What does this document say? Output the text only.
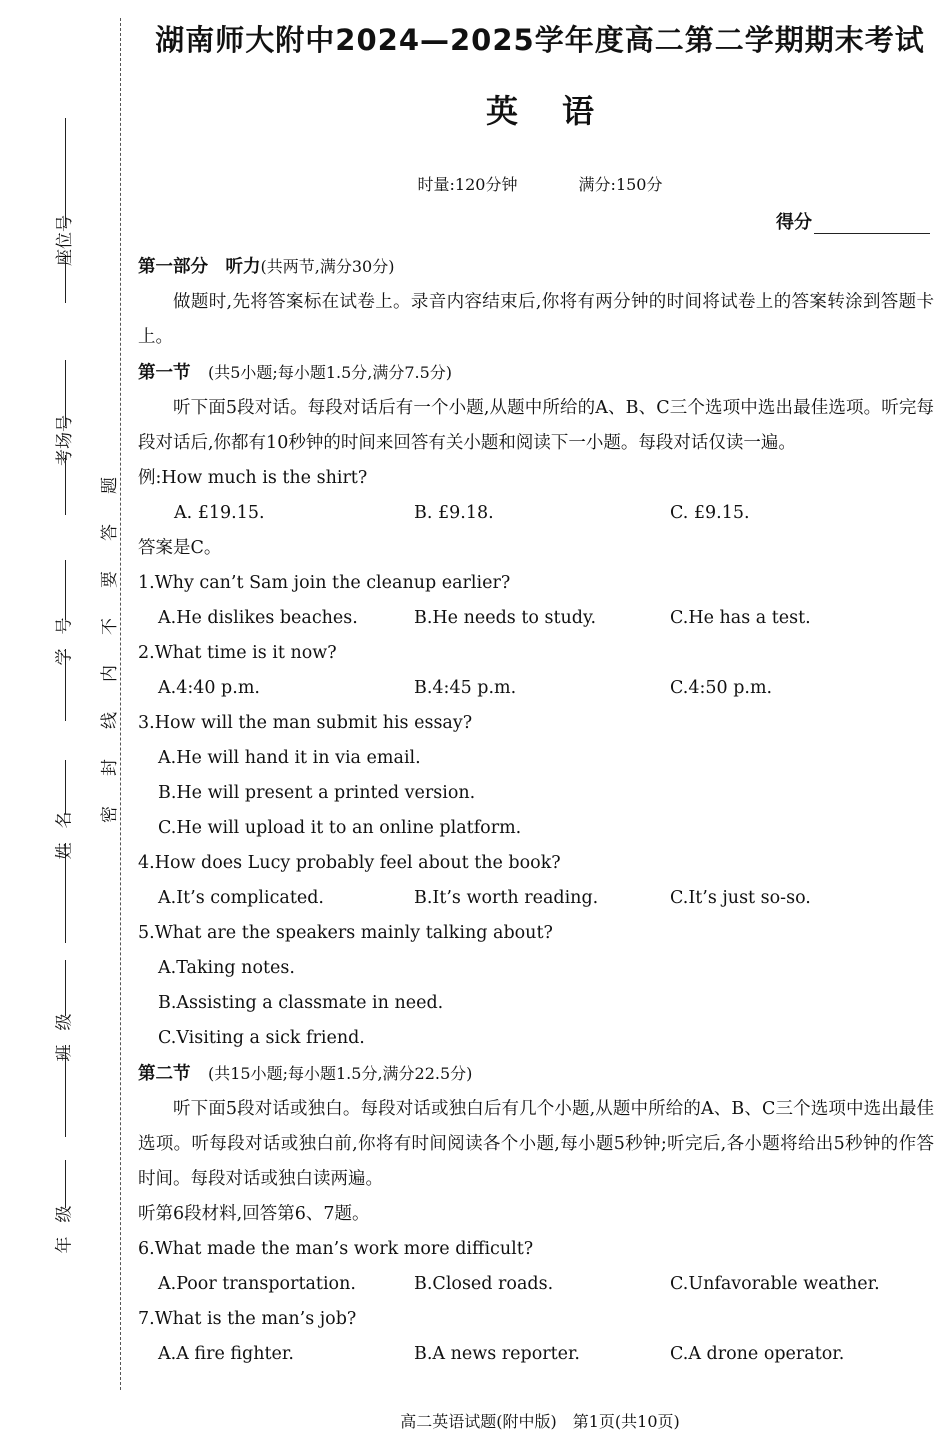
座位号
考场号
学号
姓名
班级
年级
题
答
要
不
内
线
封
密
湖南师大附中2024—2025学年度高二第二学期期末考试
英 语
时量:120分钟	满分:150分
得分

第一部分　听力(共两节,满分30分)

做题时,先将答案标在试卷上。录音内容结束后,你将有两分钟的时间将试卷上的答案转涂到答题卡上。

第一节　 (共5小题;每小题1.5分,满分7.5分)

听下面5段对话。每段对话后有一个小题,从题中所给的A、B、C三个选项中选出最佳选项。听完每段对话后,你都有10秒钟的时间来回答有关小题和阅读下一小题。每段对话仅读一遍。

例:How much is the shirt?

A. £19.15.	B. £9.18.	C. £9.15.

答案是C。

1.Why can’t Sam join the cleanup earlier?

A.He dislikes beaches.	B.He needs to study.	C.He has a test.

2.What time is it now?

A.4:40 p.m.	B.4:45 p.m.	C.4:50 p.m.

3.How will the man submit his essay?

A.He will hand it in via email.

B.He will present a printed version.

C.He will upload it to an online platform.

4.How does Lucy probably feel about the book?

A.It’s complicated.	B.It’s worth reading.	C.It’s just so-so.

5.What are the speakers mainly talking about?

A.Taking notes.

B.Assisting a classmate in need.

C.Visiting a sick friend.

第二节　 (共15小题;每小题1.5分,满分22.5分)

听下面5段对话或独白。每段对话或独白后有几个小题,从题中所给的A、B、C三个选项中选出最佳选项。听每段对话或独白前,你将有时间阅读各个小题,每小题5秒钟;听完后,各小题将给出5秒钟的作答时间。每段对话或独白读两遍。

听第6段材料,回答第6、7题。

6.What made the man’s work more difficult?

A.Poor transportation.	B.Closed roads.	C.Unfavorable weather.

7.What is the man’s job?

A.A fire fighter.	B.A news reporter.	C.A drone operator.
高二英语试题(附中版)　第1页(共10页)
